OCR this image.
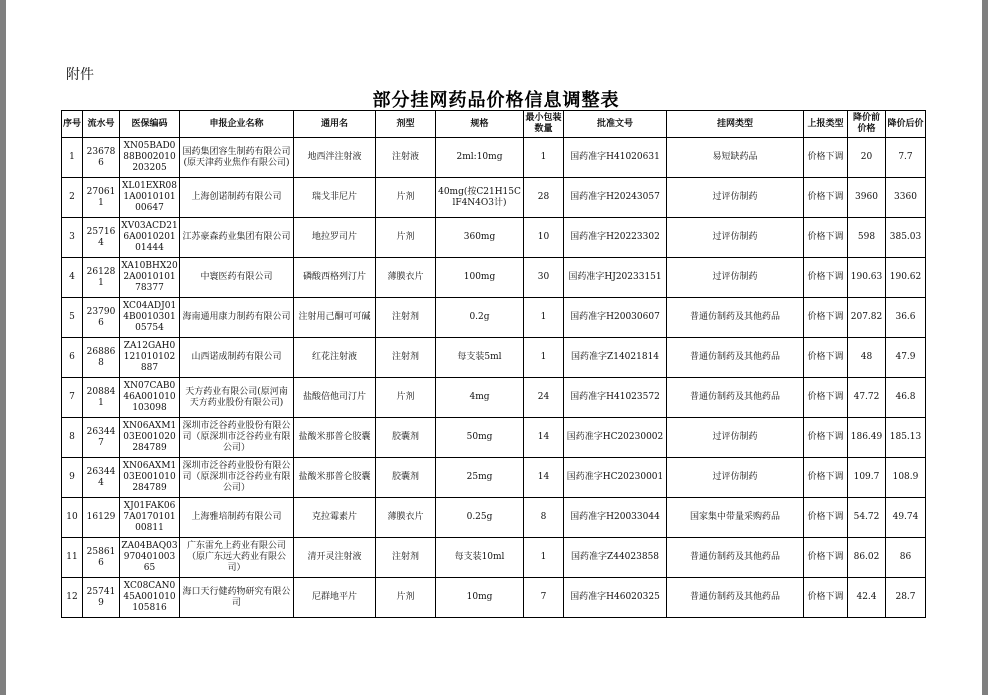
附件
部分挂网药品价格信息调整表
序号	流水号	医保编码	申报企业名称	通用名	剂型	规格	最小包装数量	批准文号	挂网类型	上报类型	降价前价格	降价后价
1	236786	XN05BAD088B002010203205	国药集团容生制药有限公司(原天津药业焦作有限公司)	地西泮注射液	注射液	2ml:10mg	1	国药准字H41020631	易短缺药品	价格下调	20	7.7
2	270611	XL01EXR081A001010100647	上海创诺制药有限公司	瑞戈非尼片	片剂	40mg(按C21H15ClF4N4O3计)	28	国药准字H20243057	过评仿制药	价格下调	3960	3360
3	257164	XV03ACD216A001020101444	江苏豪森药业集团有限公司	地拉罗司片	片剂	360mg	10	国药准字H20223302	过评仿制药	价格下调	598	385.03
4	261281	XA10BHX202A001010178377	中寰医药有限公司	磷酸西格列汀片	薄膜衣片	100mg	30	国药准字HJ20233151	过评仿制药	价格下调	190.63	190.62
5	237906	XC04ADJ014B001030105754	海南通用康力制药有限公司	注射用己酮可可碱	注射剂	0.2g	1	国药准字H20030607	普通仿制药及其他药品	价格下调	207.82	36.6
6	268868	ZA12GAH0121010102887	山西诺成制药有限公司	红花注射液	注射剂	每支装5ml	1	国药准字Z14021814	普通仿制药及其他药品	价格下调	48	47.9
7	208841	XN07CAB046A001010103098	天方药业有限公司(原河南天方药业股份有限公司)	盐酸倍他司汀片	片剂	4mg	24	国药准字H41023572	普通仿制药及其他药品	价格下调	47.72	46.8
8	263447	XN06AXM103E001020284789	深圳市泛谷药业股份有限公司（原深圳市泛谷药业有限公司）	盐酸米那普仑胶囊	胶囊剂	50mg	14	国药准字HC20230002	过评仿制药	价格下调	186.49	185.13
9	263444	XN06AXM103E001010284789	深圳市泛谷药业股份有限公司（原深圳市泛谷药业有限公司）	盐酸米那普仑胶囊	胶囊剂	25mg	14	国药准字HC20230001	过评仿制药	价格下调	109.7	108.9
10	16129	XJ01FAK067A017010100811	上海雅培制药有限公司	克拉霉素片	薄膜衣片	0.25g	8	国药准字H20033044	国家集中带量采购药品	价格下调	54.72	49.74
11	258616	ZA04BAQ0397040100365	广东雷允上药业有限公司（原广东远大药业有限公司）	清开灵注射液	注射剂	每支装10ml	1	国药准字Z44023858	普通仿制药及其他药品	价格下调	86.02	86
12	257419	XC08CAN045A001010105816	海口天行健药物研究有限公司	尼群地平片	片剂	10mg	7	国药准字H46020325	普通仿制药及其他药品	价格下调	42.4	28.7
